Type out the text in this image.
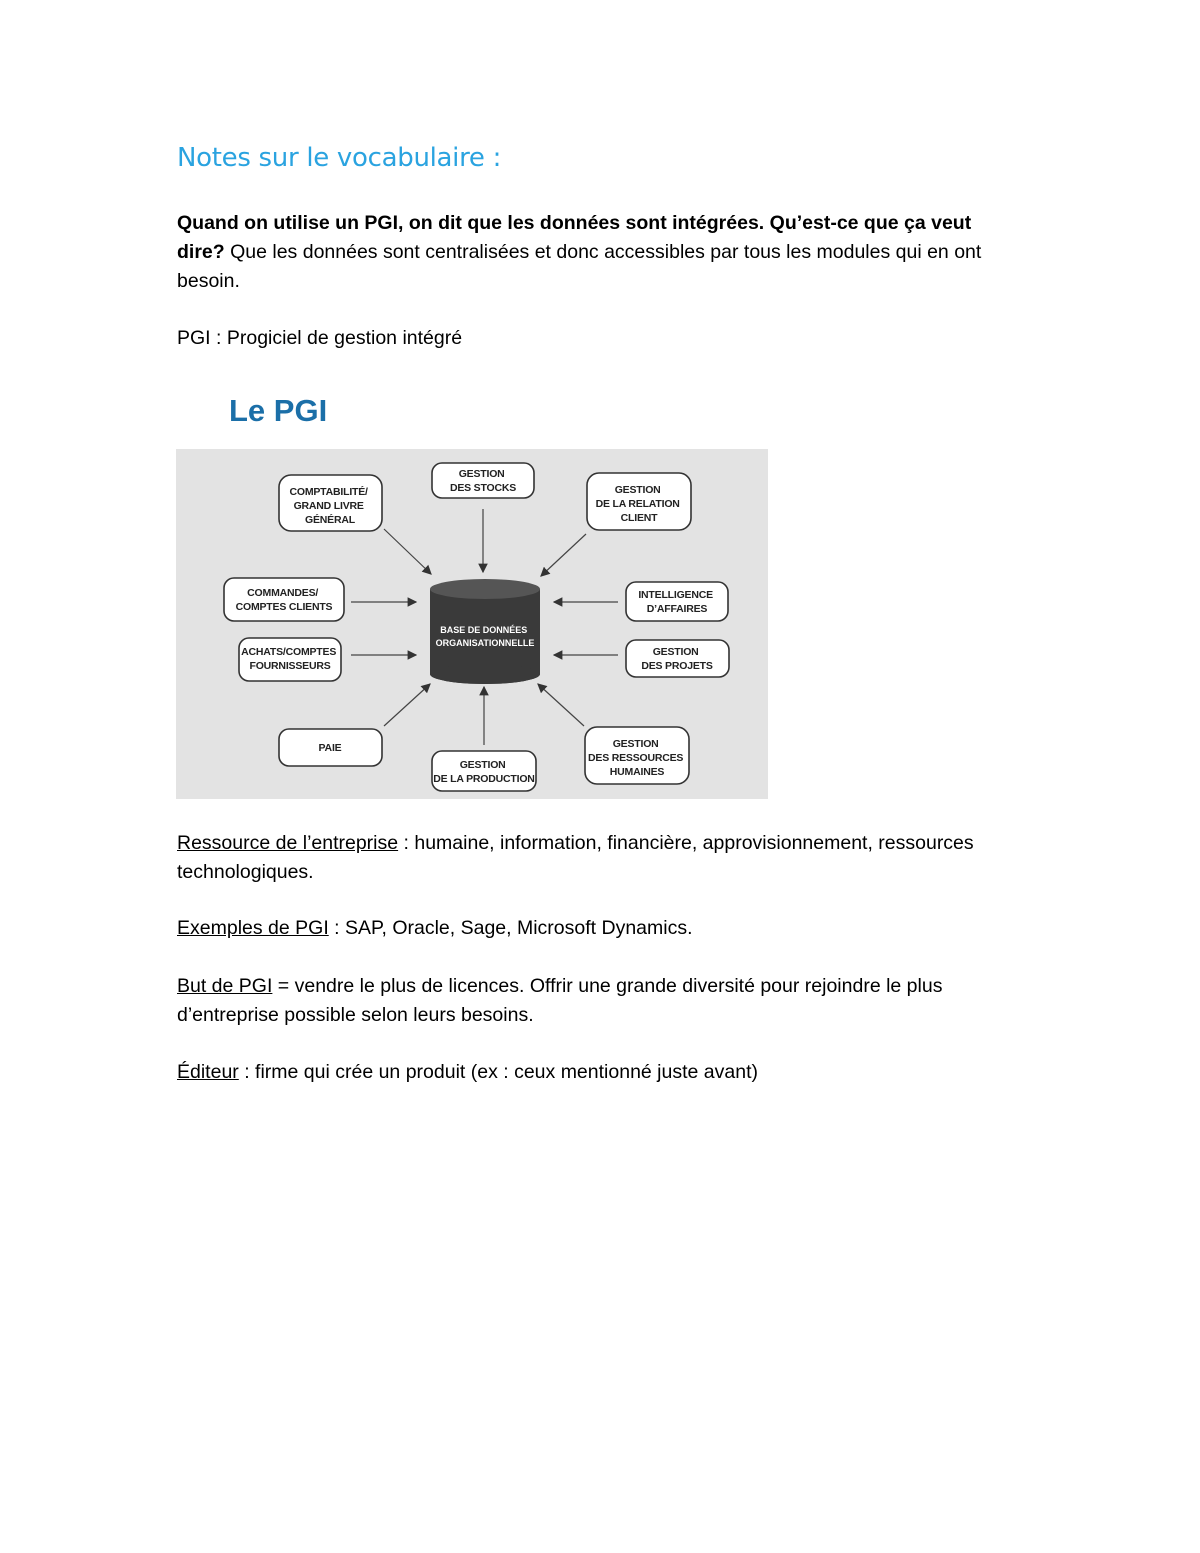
Notes sur le vocabulaire :

Quand on utilise un PGI, on dit que les données sont intégrées. Qu’est-ce que ça veut
dire? Que les données sont centralisées et donc accessibles par tous les modules qui en ont besoin.

PGI : Progiciel de gestion intégré

Le PGI
BASE DE DONNÉES ORGANISATIONNELLE
COMPTABILITÉ/ GRAND LIVRE GÉNÉRAL
GESTION DES STOCKS	GESTION DE LA RELATION CLIENT
COMMANDES/ COMPTES CLIENTS
INTELLIGENCE D’AFFAIRES
ACHATS/COMPTES FOURNISSEURS
GESTION DES PROJETS
PAIE
GESTION DE LA PRODUCTION
GESTION DES RESSOURCES HUMAINES

Ressource de l’entreprise : humaine, information, financière, approvisionnement, ressources technologiques.

Exemples de PGI : SAP, Oracle, Sage, Microsoft Dynamics.

But de PGI = vendre le plus de licences. Offrir une grande diversité pour rejoindre le plus d’entreprise possible selon leurs besoins.

Éditeur : firme qui crée un produit (ex : ceux mentionné juste avant)
